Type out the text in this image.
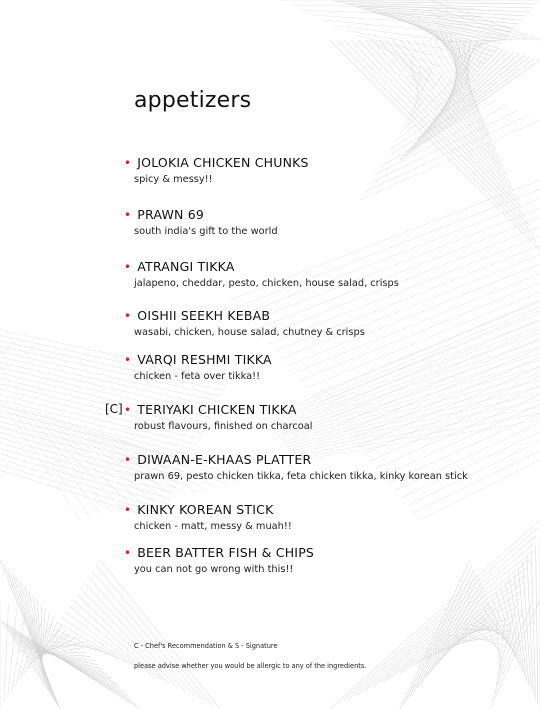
appetizers
• JOLOKIA CHICKEN CHUNKS
spicy & messy!!
• PRAWN 69
south india's gift to the world
• ATRANGI TIKKA
jalapeno, cheddar, pesto, chicken, house salad, crisps
• OISHII SEEKH KEBAB
wasabi, chicken, house salad, chutney & crisps
• VARQI RESHMI TIKKA
chicken - feta over tikka!!
[C] • TERIYAKI CHICKEN TIKKA
robust flavours, finished on charcoal
• DIWAAN-E-KHAAS PLATTER
prawn 69, pesto chicken tikka, feta chicken tikka, kinky korean stick
• KINKY KOREAN STICK
chicken - matt, messy & muah!!
• BEER BATTER FISH & CHIPS
you can not go wrong with this!!
C - Chef's Recommendation & S - Signature
please advise whether you would be allergic to any of the ingredients.
